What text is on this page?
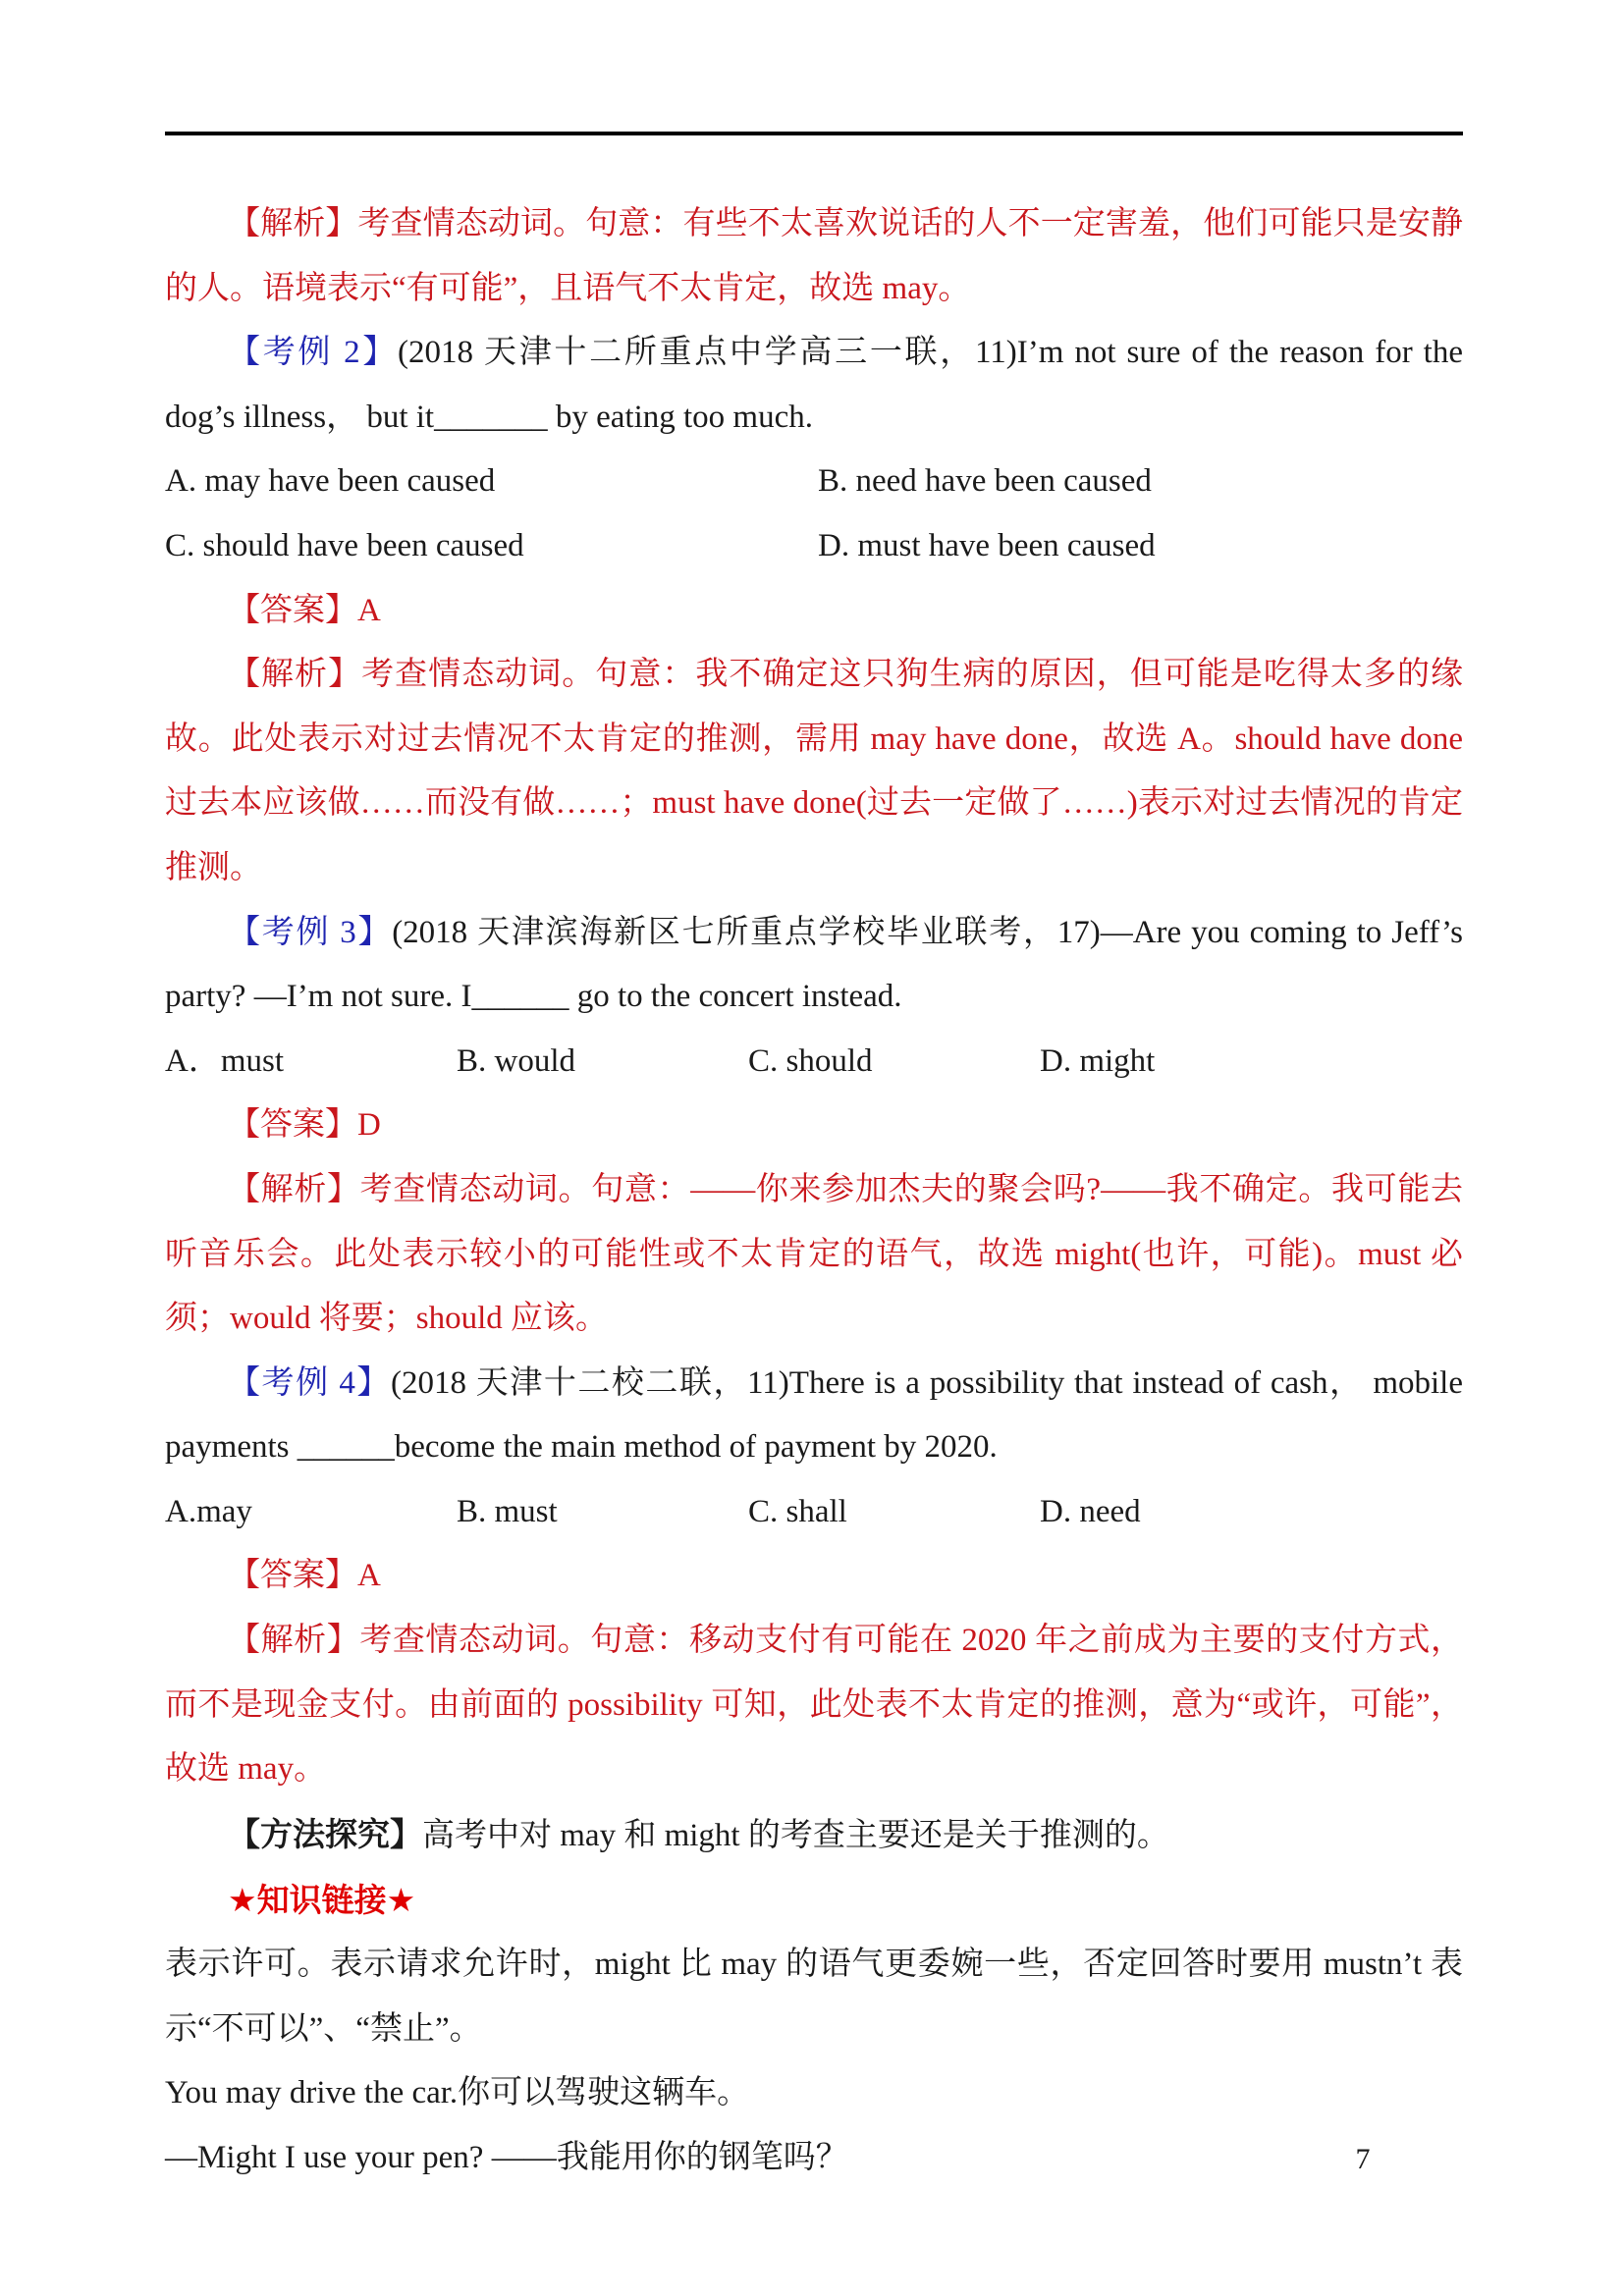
【解析】考查情态动词。句意：有些不太喜欢说话的人不一定害羞，他们可能只是安静的人。语境表示“有可能”，且语气不太肯定，故选 may。

【考例 2】(2018 天津十二所重点中学高三一联，11)I’m not sure of the reason for the dog’s illness， but it_______ by eating too much.

A. may have been caused	B. need have been caused
C. should have been caused	D. must have been caused

【答案】A

【解析】考查情态动词。句意：我不确定这只狗生病的原因，但可能是吃得太多的缘故。此处表示对过去情况不太肯定的推测，需用 may have done，故选 A。should have done 过去本应该做……而没有做……；must have done(过去一定做了……)表示对过去情况的肯定推测。

【考例 3】(2018 天津滨海新区七所重点学校毕业联考，17)—Are you coming to Jeff’s party? —I’m not sure. I______ go to the concert instead.

A．must	B. would	C. should	D. might

【答案】D

【解析】考查情态动词。句意：——你来参加杰夫的聚会吗?——我不确定。我可能去听音乐会。此处表示较小的可能性或不太肯定的语气，故选 might(也许，可能)。must 必须；would 将要；should 应该。

【考例 4】(2018 天津十二校二联，11)There is a possibility that instead of cash， mobile payments ______become the main method of payment by 2020.

A.may	B. must	C. shall	D. need

【答案】A

【解析】考查情态动词。句意：移动支付有可能在 2020 年之前成为主要的支付方式，而不是现金支付。由前面的 possibility 可知，此处表不太肯定的推测，意为“或许，可能”，故选 may。

【方法探究】高考中对 may 和 might 的考查主要还是关于推测的。

★知识链接★

表示许可。表示请求允许时，might 比 may 的语气更委婉一些，否定回答时要用 mustn’t 表示“不可以”、“禁止”。

You may drive the car.你可以驾驶这辆车。

—Might I use your pen? ——我能用你的钢笔吗？	7
